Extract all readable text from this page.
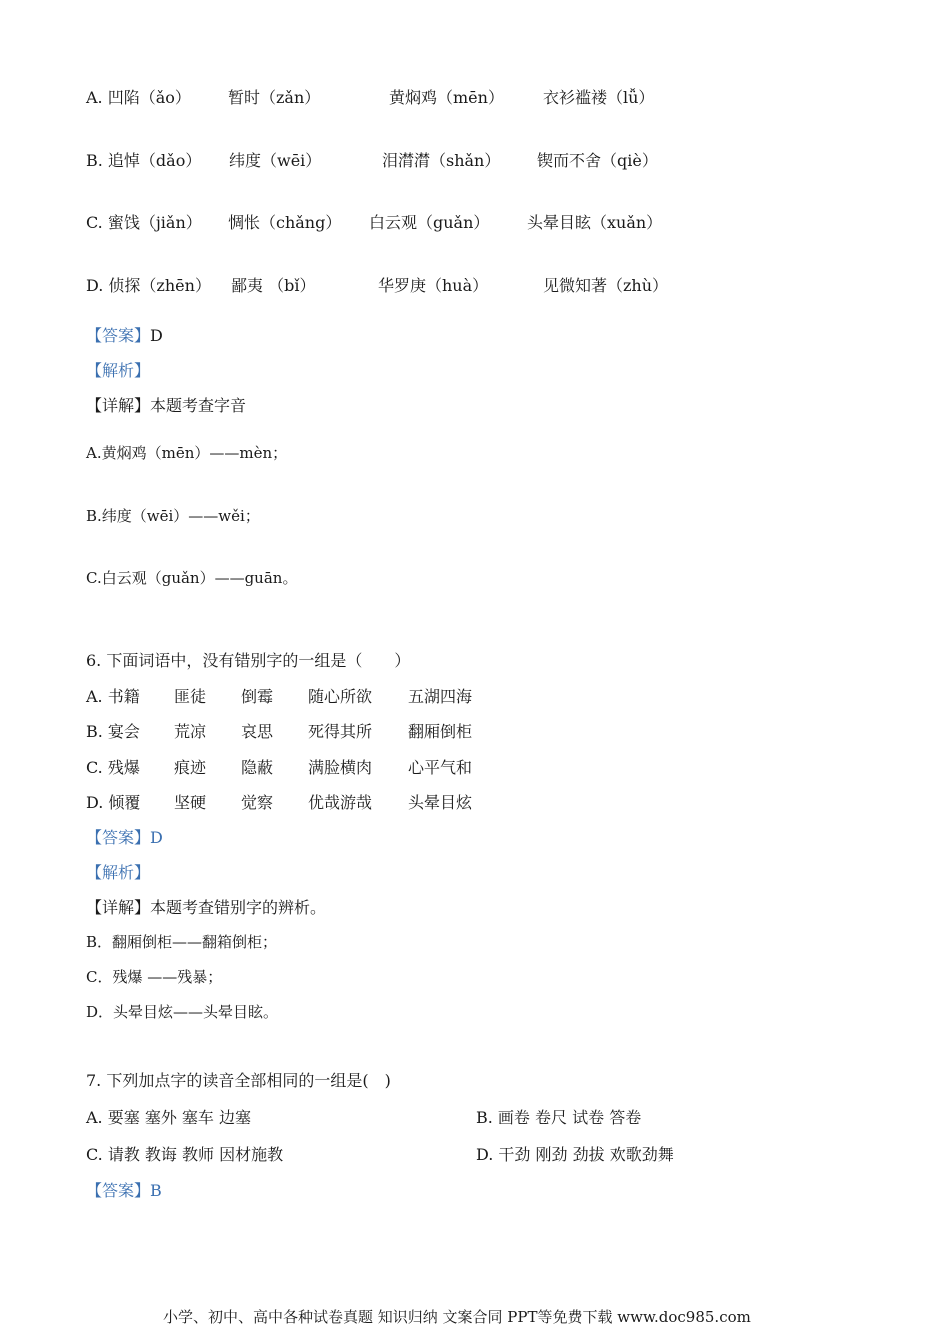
A. 凹陷（ǎo） 暂时（zǎn）	黄焖鸡（mēn） 衣衫褴褛（lǚ）
B. 追悼（dǎo） 纬度（wēi）	泪潸潸（shǎn） 锲而不舍（qiè）
C. 蜜饯（jiǎn） 惆怅（chǎng） 白云观（guǎn） 头晕目眩（xuǎn）
D. 侦探（zhēn） 鄙夷 （bǐ）	华罗庚（huà）	见微知著（zhù）
【答案】D
【解析】
【详解】本题考查字音
A.黄焖鸡（mēn）——mèn；
B.纬度（wēi）——wěi；
C.白云观（guǎn）——guān。
6. 下面词语中，没有错别字的一组是（　　）
A. 书籍 匪徒 倒霉 随心所欲 五湖四海
B. 宴会 荒凉 哀思 死得其所 翻厢倒柜
C. 残爆 痕迹 隐蔽 满脸横肉 心平气和
D. 倾覆 坚硬 觉察 优哉游哉 头晕目炫
【答案】D
【解析】
【详解】本题考查错别字的辨析。
B．翻厢倒柜——翻箱倒柜；
C．残爆 ——残暴；
D．头晕目炫——头晕目眩。
7. 下列加点字的读音全部相同的一组是(　)
A. 要塞 塞外 塞车 边塞	B. 画卷 卷尺 试卷 答卷
C. 请教 教诲 教师 因材施教	D. 干劲 刚劲 劲拔 欢歌劲舞
【答案】B
小学、初中、高中各种试卷真题 知识归纳 文案合同 PPT等免费下载 www.doc985.com
